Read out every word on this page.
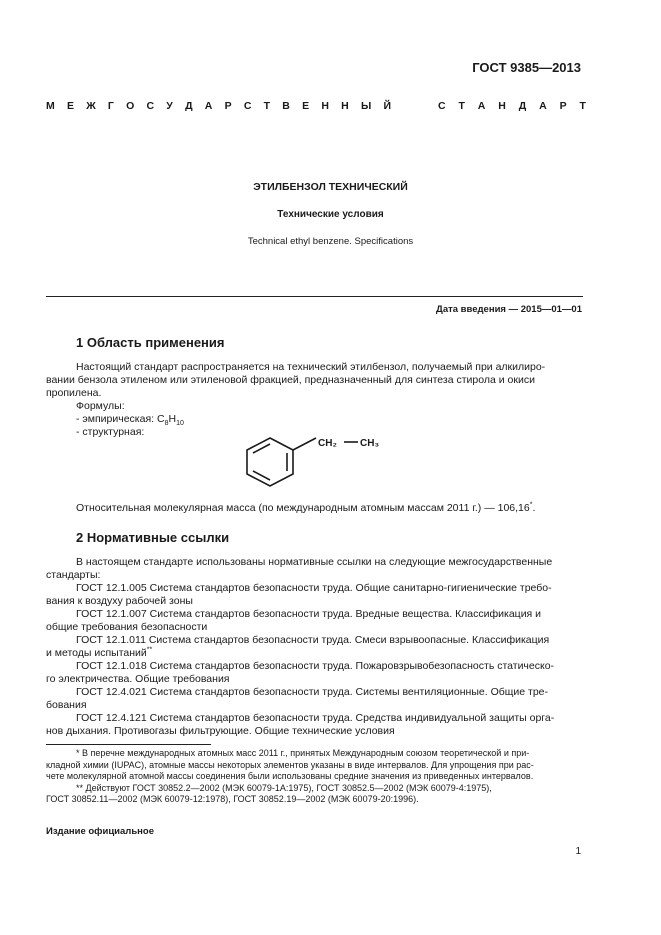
ГОСТ 9385—2013
М Е Ж Г О С У Д А Р С Т В Е Н Н Ы Й	С Т А Н Д А Р Т
ЭТИЛБЕНЗОЛ ТЕХНИЧЕСКИЙ
Технические условия
Technical ethyl benzene. Specifications
Дата введения — 2015—01—01
1 Область применения
Настоящий стандарт распространяется на технический этилбензол, получаемый при алкилиро-
вании бензола этиленом или этиленовой фракцией, предназначенный для синтеза стирола и окиси
пропилена.
Формулы:
- эмпирическая: $C_8H_{10}$
- структурная:
CH₂ CH₃
Относительная молекулярная масса (по международным атомным массам 2011 г.) — 106,16*.
2 Нормативные ссылки
В настоящем стандарте использованы нормативные ссылки на следующие межгосударственные
стандарты:
ГОСТ 12.1.005 Система стандартов безопасности труда. Общие санитарно-гигиенические требо-
вания к воздуху рабочей зоны
ГОСТ 12.1.007 Система стандартов безопасности труда. Вредные вещества. Классификация и
общие требования безопасности
ГОСТ 12.1.011 Система стандартов безопасности труда. Смеси взрывоопасные. Классификация
и методы испытаний**
ГОСТ 12.1.018 Система стандартов безопасности труда. Пожаровзрывобезопасность статическо-
го электричества. Общие требования
ГОСТ 12.4.021 Система стандартов безопасности труда. Системы вентиляционные. Общие тре-
бования
ГОСТ 12.4.121 Система стандартов безопасности труда. Средства индивидуальной защиты орга-
нов дыхания. Противогазы фильтрующие. Общие технические условия
* В перечне международных атомных масс 2011 г., принятых Международным союзом теоретической и при-
кладной химии (IUPAC), атомные массы некоторых элементов указаны в виде интервалов. Для упрощения при рас-
чете молекулярной атомной массы соединения были использованы средние значения из приведенных интервалов.
** Действуют ГОСТ 30852.2—2002 (МЭК 60079-1А:1975), ГОСТ 30852.5—2002 (МЭК 60079-4:1975),
ГОСТ 30852.11—2002 (МЭК 60079-12:1978), ГОСТ 30852.19—2002 (МЭК 60079-20:1996).
Издание официальное
1
